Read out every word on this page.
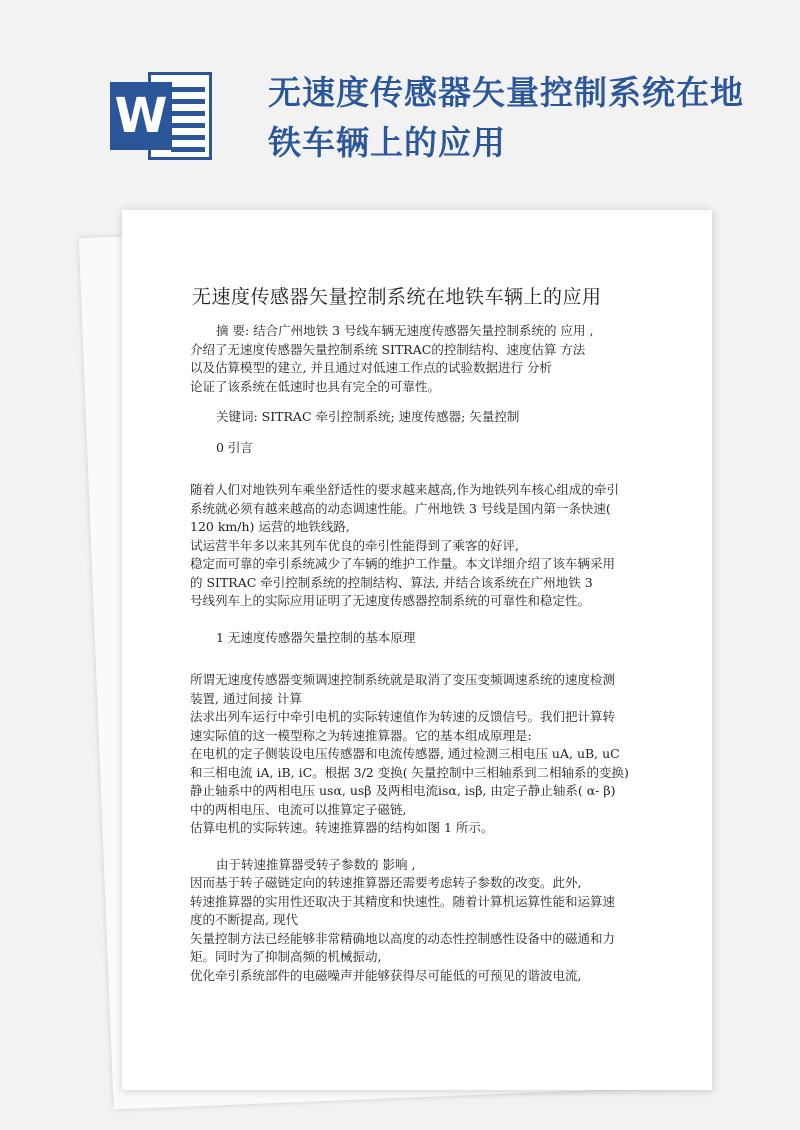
W	无速度传感器矢量控制系统在地铁车辆上的应用
无速度传感器矢量控制系统在地铁车辆上的应用

摘 要: 结合广州地铁 3 号线车辆无速度传感器矢量控制系统的 应用 ,

介绍了无速度传感器矢量控制系统 SITRAC的控制结构、速度估算 方法

以及估算模型的建立, 并且通过对低速工作点的试验数据进行 分析

论证了该系统在低速时也具有完全的可靠性。

关键词: SITRAC 牵引控制系统; 速度传感器; 矢量控制

0 引言

随着人们对地铁列车乘坐舒适性的要求越来越高,作为地铁列车核心组成的牵引

系统就必须有越来越高的动态调速性能。广州地铁 3 号线是国内第一条快速(

120 km/h) 运营的地铁线路,

试运营半年多以来其列车优良的牵引性能得到了乘客的好评,

稳定而可靠的牵引系统减少了车辆的维护工作量。本文详细介绍了该车辆采用

的 SITRAC 牵引控制系统的控制结构、算法, 并结合该系统在广州地铁 3

号线列车上的实际应用证明了无速度传感器控制系统的可靠性和稳定性。

1 无速度传感器矢量控制的基本原理

所谓无速度传感器变频调速控制系统就是取消了变压变频调速系统的速度检测

装置, 通过间接 计算

法求出列车运行中牵引电机的实际转速值作为转速的反馈信号。我们把计算转

速实际值的这一模型称之为转速推算器。它的基本组成原理是:

在电机的定子侧装设电压传感器和电流传感器, 通过检测三相电压 uA, uB, uC

和三相电流 iA, iB, iC。根据 3/2 变换( 矢量控制中三相轴系到二相轴系的变换)

静止轴系中的两相电压 usα, usβ 及两相电流isα, isβ, 由定子静止轴系( α- β)

中的两相电压、电流可以推算定子磁链,

估算电机的实际转速。转速推算器的结构如图 1 所示。

由于转速推算器受转子参数的 影响 ,

因而基于转子磁链定向的转速推算器还需要考虑转子参数的改变。此外,

转速推算器的实用性还取决于其精度和快速性。随着计算机运算性能和运算速

度的不断提高, 现代

矢量控制方法已经能够非常精确地以高度的动态性控制感性设备中的磁通和力

矩。同时为了抑制高频的机械振动,

优化牵引系统部件的电磁噪声并能够获得尽可能低的可预见的谐波电流,
